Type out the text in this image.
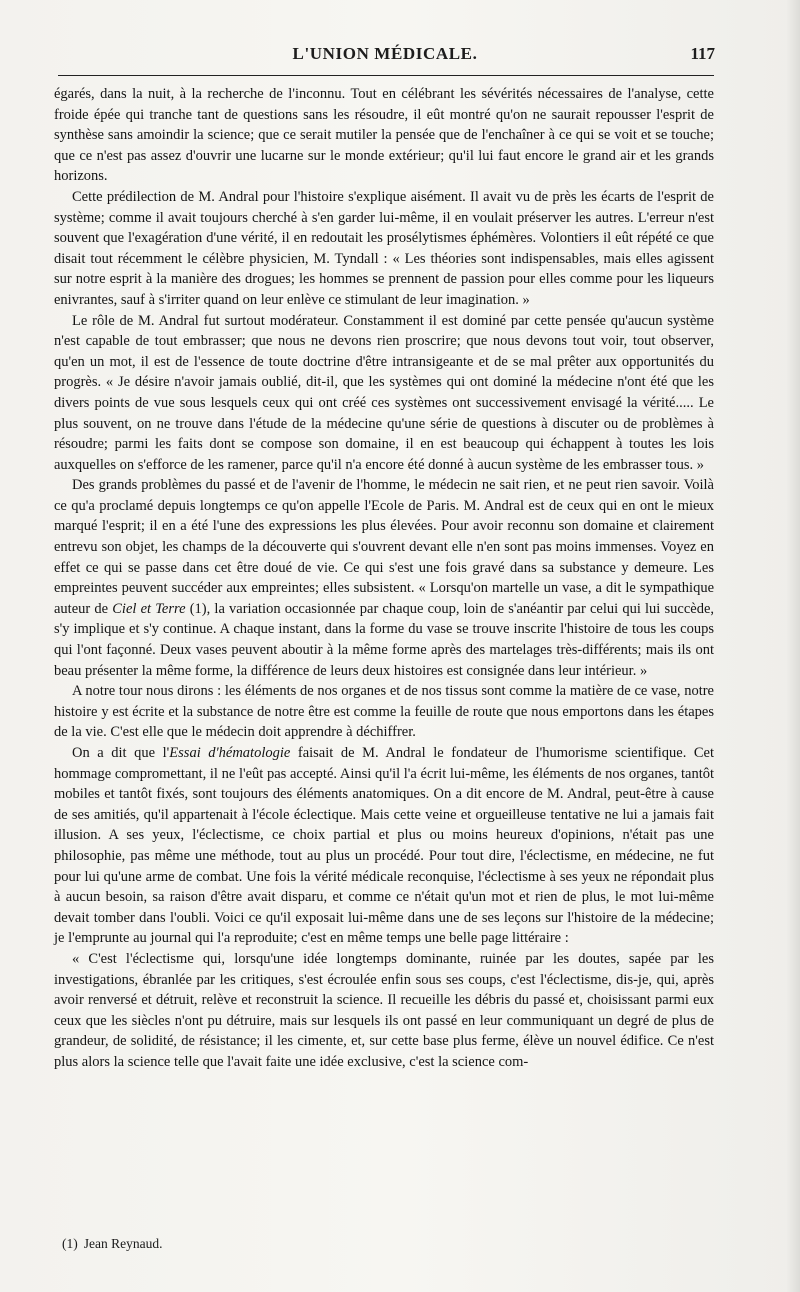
L'UNION MÉDICALE.	117

égarés, dans la nuit, à la recherche de l'inconnu. Tout en célébrant les sévérités nécessaires de l'analyse, cette froide épée qui tranche tant de questions sans les résoudre, il eût montré qu'on ne saurait repousser l'esprit de synthèse sans amoindir la science; que ce serait mutiler la pensée que de l'enchaîner à ce qui se voit et se touche; que ce n'est pas assez d'ouvrir une lucarne sur le monde extérieur; qu'il lui faut encore le grand air et les grands horizons.

Cette prédilection de M. Andral pour l'histoire s'explique aisément. Il avait vu de près les écarts de l'esprit de système; comme il avait toujours cherché à s'en garder lui-même, il en voulait préserver les autres. L'erreur n'est souvent que l'exagération d'une vérité, il en redoutait les prosélytismes éphémères. Volontiers il eût répété ce que disait tout récemment le célèbre physicien, M. Tyndall : « Les théories sont indispensables, mais elles agissent sur notre esprit à la manière des drogues; les hommes se prennent de passion pour elles comme pour les liqueurs enivrantes, sauf à s'irriter quand on leur enlève ce stimulant de leur imagination. »

Le rôle de M. Andral fut surtout modérateur. Constamment il est dominé par cette pensée qu'aucun système n'est capable de tout embrasser; que nous ne devons rien proscrire; que nous devons tout voir, tout observer, qu'en un mot, il est de l'essence de toute doctrine d'être intransigeante et de se mal prêter aux opportunités du progrès. « Je désire n'avoir jamais oublié, dit-il, que les systèmes qui ont dominé la médecine n'ont été que les divers points de vue sous lesquels ceux qui ont créé ces systèmes ont successivement envisagé la vérité..... Le plus souvent, on ne trouve dans l'étude de la médecine qu'une série de questions à discuter ou de problèmes à résoudre; parmi les faits dont se compose son domaine, il en est beaucoup qui échappent à toutes les lois auxquelles on s'efforce de les ramener, parce qu'il n'a encore été donné à aucun système de les embrasser tous. »

Des grands problèmes du passé et de l'avenir de l'homme, le médecin ne sait rien, et ne peut rien savoir. Voilà ce qu'a proclamé depuis longtemps ce qu'on appelle l'Ecole de Paris. M. Andral est de ceux qui en ont le mieux marqué l'esprit; il en a été l'une des expressions les plus élevées. Pour avoir reconnu son domaine et clairement entrevu son objet, les champs de la découverte qui s'ouvrent devant elle n'en sont pas moins immenses. Voyez en effet ce qui se passe dans cet être doué de vie. Ce qui s'est une fois gravé dans sa substance y demeure. Les empreintes peuvent succéder aux empreintes; elles subsistent. « Lorsqu'on martelle un vase, a dit le sympathique auteur de Ciel et Terre (1), la variation occasionnée par chaque coup, loin de s'anéantir par celui qui lui succède, s'y implique et s'y continue. A chaque instant, dans la forme du vase se trouve inscrite l'histoire de tous les coups qui l'ont façonné. Deux vases peuvent aboutir à la même forme après des martelages très-différents; mais ils ont beau présenter la même forme, la différence de leurs deux histoires est consignée dans leur intérieur. »

A notre tour nous dirons : les éléments de nos organes et de nos tissus sont comme la matière de ce vase, notre histoire y est écrite et la substance de notre être est comme la feuille de route que nous emportons dans les étapes de la vie. C'est elle que le médecin doit apprendre à déchiffrer.

On a dit que l'Essai d'hématologie faisait de M. Andral le fondateur de l'humorisme scientifique. Cet hommage compromettant, il ne l'eût pas accepté. Ainsi qu'il l'a écrit lui-même, les éléments de nos organes, tantôt mobiles et tantôt fixés, sont toujours des éléments anatomiques. On a dit encore de M. Andral, peut-être à cause de ses amitiés, qu'il appartenait à l'école éclectique. Mais cette veine et orgueilleuse tentative ne lui a jamais fait illusion. A ses yeux, l'éclectisme, ce choix partial et plus ou moins heureux d'opinions, n'était pas une philosophie, pas même une méthode, tout au plus un procédé. Pour tout dire, l'éclectisme, en médecine, ne fut pour lui qu'une arme de combat. Une fois la vérité médicale reconquise, l'éclectisme à ses yeux ne répondait plus à aucun besoin, sa raison d'être avait disparu, et comme ce n'était qu'un mot et rien de plus, le mot lui-même devait tomber dans l'oubli. Voici ce qu'il exposait lui-même dans une de ses leçons sur l'histoire de la médecine; je l'emprunte au journal qui l'a reproduite; c'est en même temps une belle page littéraire :

« C'est l'éclectisme qui, lorsqu'une idée longtemps dominante, ruinée par les doutes, sapée par les investigations, ébranlée par les critiques, s'est écroulée enfin sous ses coups, c'est l'éclectisme, dis-je, qui, après avoir renversé et détruit, relève et reconstruit la science. Il recueille les débris du passé et, choisissant parmi eux ceux que les siècles n'ont pu détruire, mais sur lesquels ils ont passé en leur communiquant un degré de plus de grandeur, de solidité, de résistance; il les cimente, et, sur cette base plus ferme, élève un nouvel édifice. Ce n'est plus alors la science telle que l'avait faite une idée exclusive, c'est la science com-

(1) Jean Reynaud.
